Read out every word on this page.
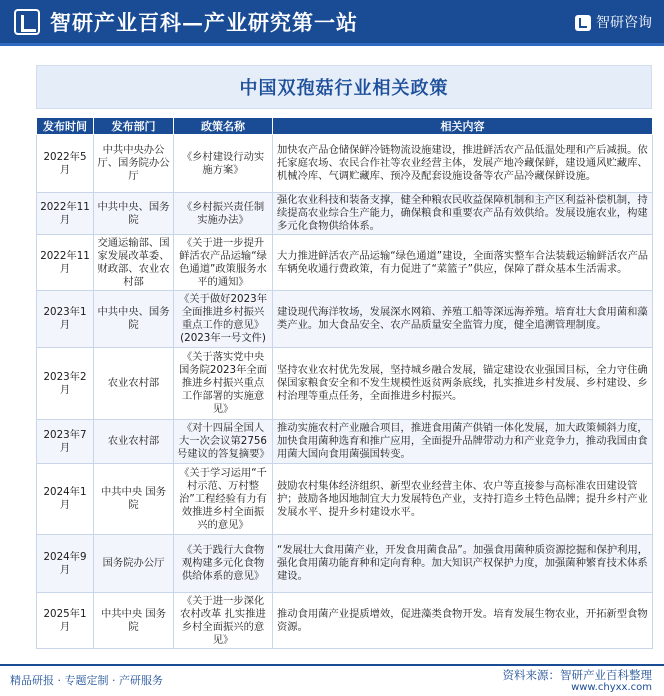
智研产业百科—产业研究第一站	智研咨询
中国双孢菇行业相关政策
发布时间	发布部门	政策名称	相关内容
2022年5月	中共中央办公厅、国务院办公厅	《乡村建设行动实施方案》	加快农产品仓储保鲜冷链物流设施建设，推进鲜活农产品低温处理和产后减损。依托家庭农场、农民合作社等农业经营主体，发展产地冷藏保鲜，建设通风贮藏库、机械冷库、气调贮藏库、预冷及配套设施设备等农产品冷藏保鲜设施。
2022年11月	中共中央、国务院	《乡村振兴责任制实施办法》	强化农业科技和装备支撑，健全种粮农民收益保障机制和主产区利益补偿机制，持续提高农业综合生产能力，确保粮食和重要农产品有效供给。发展设施农业，构建多元化食物供给体系。
2022年11月	交通运输部、国家发展改革委、财政部、农业农村部	《关于进一步提升鲜活农产品运输“绿色通道”政策服务水平的通知》	大力推进鲜活农产品运输“绿色通道”建设，全面落实整车合法装载运输鲜活农产品车辆免收通行费政策，有力促进了“菜篮子”供应，保障了群众基本生活需求。
2023年1月	中共中央、国务院	《关于做好2023年全面推进乡村振兴重点工作的意见》(2023年一号文件)	建设现代海洋牧场，发展深水网箱、养殖工船等深远海养殖。培育壮大食用菌和藻类产业。加大食品安全、农产品质量安全监管力度，健全追溯管理制度。
2023年2月	农业农村部	《关于落实党中央国务院2023年全面推进乡村振兴重点工作部署的实施意见》	坚持农业农村优先发展，坚持城乡融合发展，锚定建设农业强国目标，全力守住确保国家粮食安全和不发生规模性返贫两条底线，扎实推进乡村发展、乡村建设、乡村治理等重点任务，全面推进乡村振兴。
2023年7月	农业农村部	《对十四届全国人大一次会议第2756号建议的答复摘要》	推动实施农村产业融合项目，推进食用菌产供销一体化发展，加大政策倾斜力度，加快食用菌种选育和推广应用，全面提升品牌带动力和产业竞争力，推动我国由食用菌大国向食用菌强国转变。
2024年1月	中共中央 国务院	《关于学习运用“千村示范、万村整治”工程经验有力有效推进乡村全面振兴的意见》	鼓励农村集体经济组织、新型农业经营主体、农户等直接参与高标准农田建设管护；鼓励各地因地制宜大力发展特色产业，支持打造乡土特色品牌；提升乡村产业发展水平、提升乡村建设水平。
2024年9月	国务院办公厅	《关于践行大食物观构建多元化食物供给体系的意见》	“发展壮大食用菌产业，开发食用菌食品”。加强食用菌种质资源挖掘和保护利用，强化食用菌功能育种和定向育种。加大知识产权保护力度，加强菌种繁育技术体系建设。
2025年1月	中共中央 国务院	《关于进一步深化农村改革 扎实推进乡村全面振兴的意见》	推动食用菌产业提质增效，促进藻类食物开发。培育发展生物农业，开拓新型食物资源。
精品研报 · 专题定制 · 产研服务	资料来源：智研产业百科整理
www.chyxx.com
